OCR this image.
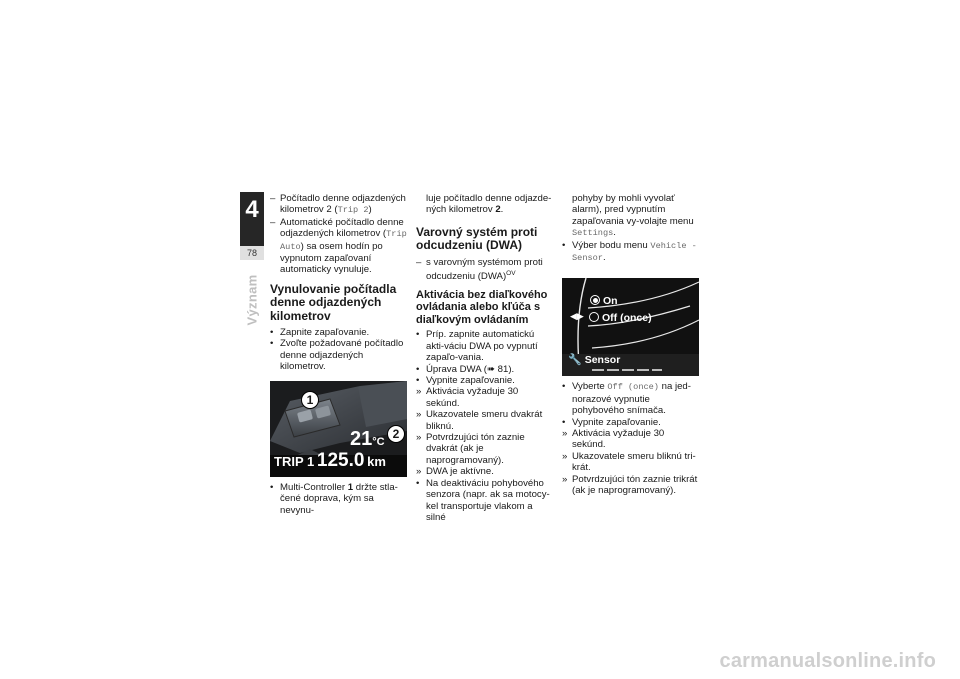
4
78
Význam
– Počítadlo denne odjazdených kilometrov 2 (Trip 2)
– Automatické počítadlo denne odjazdených kilometrov (Trip Auto) sa osem hodín po vypnutom zapaľovaní automaticky vynuluje.
Vynulovanie počítadla denne odjazdených kilometrov
• Zapnite zapaľovanie.
• Zvoľte požadované počítadlo denne odjazdených kilometrov.
1
2
21°C
TRIP 1 125.0 km
• Multi-Controller 1 držte stla-čené doprava, kým sa nevynu-
luje počítadlo denne odjazde-ných kilometrov 2.
Varovný systém proti odcudzeniu (DWA)
– s varovným systémom proti odcudzeniu (DWA)$^{OV}$
Aktivácia bez diaľkového ovládania alebo kľúča s diaľkovým ovládaním
• Príp. zapnite automatickú akti-váciu DWA po vypnutí zapaľo-vania.
• Úprava DWA (➠ 81).
• Vypnite zapaľovanie.
» Aktivácia vyžaduje 30 sekúnd.
» Ukazovatele smeru dvakrát bliknú.
» Potvrdzujúci tón zaznie dvakrát (ak je naprogramovaný).
» DWA je aktívne.
• Na deaktiváciu pohybového senzora (napr. ak sa motocy-kel transportuje vlakom a silné
pohyby by mohli vyvolať alarm), pred vypnutím zapaľovania vy-volajte menu Settings.
• Výber bodu menu Vehicle -Sensor.
On
◀▶	Off (once)
🔧 Sensor
• Vyberte Off (once) na jed-norazové vypnutie pohybového snímača.
• Vypnite zapaľovanie.
» Aktivácia vyžaduje 30 sekúnd.
» Ukazovatele smeru bliknú tri-krát.
» Potvrdzujúci tón zaznie trikrát (ak je naprogramovaný).
carmanualsonline.info
